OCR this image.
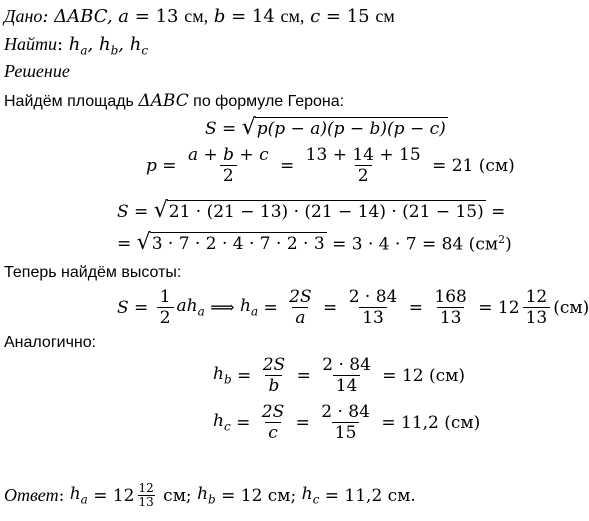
Дано: ΔABC, a = 13 см, b = 14 см, c = 15 см
Найти: $h_a$, $h_b$, $h_c$
Решение
Найдём площадь ΔABC по формуле Герона:
S = √ p(p − a)(p − b)(p − c)
$p = \frac{a + b + c}{2} = \frac{13 + 14 + 15}{2} = 21$ (см)
S = √ 21 · (21 − 13) · (21 − 14) · (21 − 15) =
= √ 3 · 7 · 2 · 4 · 7 · 2 · 3 = 3 · 4 · 7 = 84 $(см^2)$
Теперь найдём высоты:
$S = \frac{1}{2} ah_a$ ⟹ $h_a = \frac{2S}{a} = \frac{2 \cdot 84}{13} = \frac{168}{13} = 12 \frac{12}{13} (см)$
Аналогично:
$h_b = \frac{2S}{b} = \frac{2 \cdot 84}{14} = 12$ (см)
$h_c = \frac{2S}{c} = \frac{2 \cdot 84}{15} = 11,2$ (см)
Ответ : $h_a = 12 \frac{12}{13}$ см; $h_b = 12$ см; $h_c = 11,2$ см.
